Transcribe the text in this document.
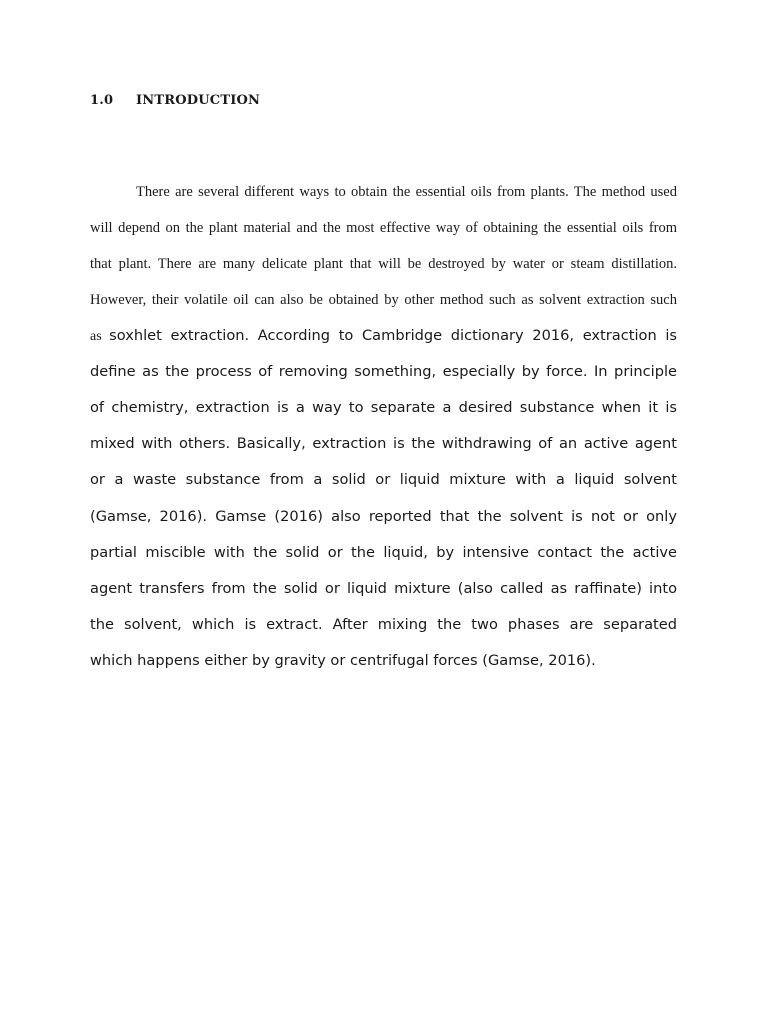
1.0 INTRODUCTION
There are several different ways to obtain the essential oils from plants. The method used
will depend on the plant material and the most effective way of obtaining the essential oils from
that plant. There are many delicate plant that will be destroyed by water or steam distillation.
However, their volatile oil can also be obtained by other method such as solvent extraction such
as soxhlet extraction. According to Cambridge dictionary 2016, extraction is
define as the process of removing something, especially by force. In principle
of chemistry, extraction is a way to separate a desired substance when it is
mixed with others. Basically, extraction is the withdrawing of an active agent
or a waste substance from a solid or liquid mixture with a liquid solvent
(Gamse, 2016). Gamse (2016) also reported that the solvent is not or only
partial miscible with the solid or the liquid, by intensive contact the active
agent transfers from the solid or liquid mixture (also called as raffinate) into
the solvent, which is extract. After mixing the two phases are separated
which happens either by gravity or centrifugal forces (Gamse, 2016).
